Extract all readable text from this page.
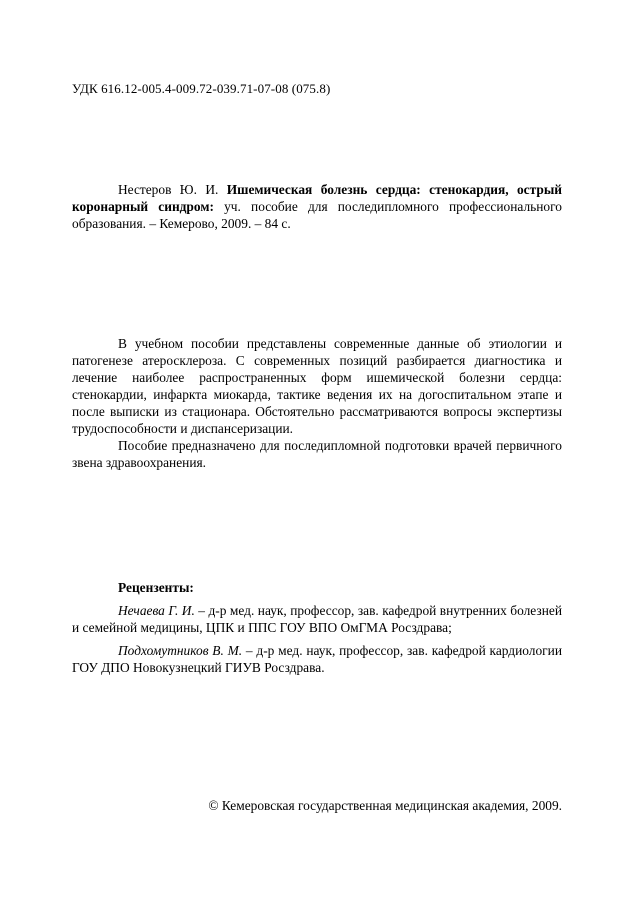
УДК 616.12-005.4-009.72-039.71-07-08 (075.8)

Нестеров Ю. И. Ишемическая болезнь сердца: стенокардия, острый коронарный синдром: уч. пособие для последипломного профессионального образования. – Кемерово, 2009. – 84 с.

В учебном пособии представлены современные данные об этиологии и патогенезе атеросклероза. С современных позиций разбирается диагностика и лечение наиболее распространенных форм ишемической болезни сердца: стенокардии, инфаркта миокарда, тактике ведения их на догоспитальном этапе и после выписки из стационара. Обстоятельно рассматриваются вопросы экспертизы трудоспособности и диспансеризации.

Пособие предназначено для последипломной подготовки врачей первичного звена здравоохранения.

Рецензенты:

Нечаева Г. И. – д-р мед. наук, профессор, зав. кафедрой внутренних болезней и семейной медицины, ЦПК и ППС ГОУ ВПО ОмГМА Росздрава;

Подхомутников В. М. – д-р мед. наук, профессор, зав. кафедрой кардиологии ГОУ ДПО Новокузнецкий ГИУВ Росздрава.

© Кемеровская государственная медицинская академия, 2009.
